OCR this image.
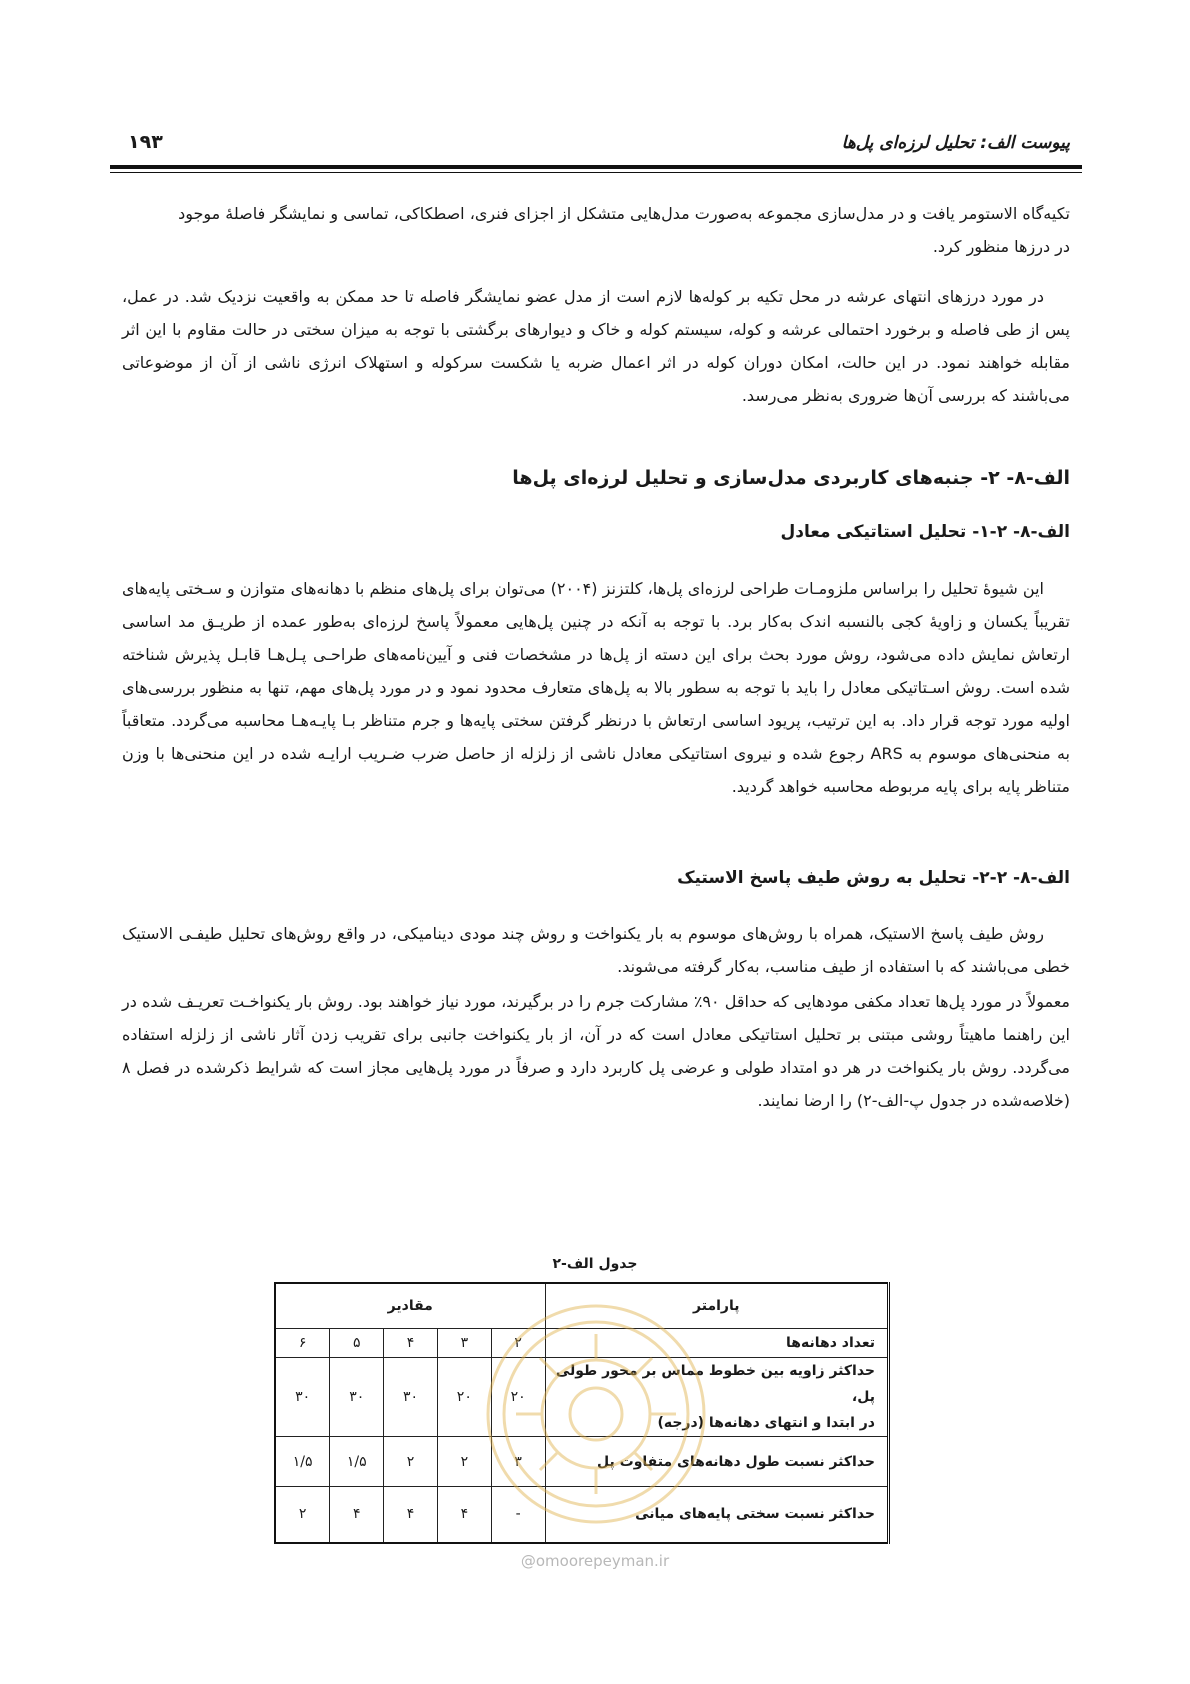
پیوست الف: تحلیل لرزه‌ای پل‌ها
۱۹۳

تکیه‌گاه الاستومر یافت و در مدل‌سازی مجموعه به‌صورت مدل‌هایی متشکل از اجزای فنری، اصطکاکی، تماسی و نمایشگر فاصلهٔ موجود
در درزها منظور کرد.

در مورد درزهای انتهای عرشه در محل تکیه بر کوله‌ها لازم است از مدل عضو نمایشگر فاصله تا حد ممکن به واقعیت نزدیک شد. در عمل، پس از طی فاصله و برخورد احتمالی عرشه و کوله، سیستم کوله و خاک و دیوارهای برگشتی با توجه به میزان سختی در حالت مقاوم با این اثر مقابله خواهند نمود. در این حالت، امکان دوران کوله در اثر اعمال ضربه یا شکست سرکوله و استهلاک انرژی ناشی از آن از موضوعاتی می‌باشند که بررسی آن‌ها ضروری به‌نظر می‌رسد.

الف-۸- ۲- جنبه‌های کاربردی مدل‌سازی و تحلیل لرزه‌ای پل‌ها
الف-۸- ۲-۱- تحلیل استاتیکی معادل

این شیوهٔ تحلیل را براساس ملزومـات طراحی لرزه‌ای پل‌ها، کلتزنز (۲۰۰۴) می‌توان برای پل‌های منظم با دهانه‌های متوازن و سـختی پایه‌های تقریباً یکسان و زاویهٔ کجی بالنسبه اندک به‌کار برد. با توجه به آنکه در چنین پل‌هایی معمولاً پاسخ لرزه‌ای به‌طور عمده از طریـق مد اساسی ارتعاش نمایش داده می‌شود، روش مورد بحث برای این دسته از پل‌ها در مشخصات فنی و آیین‌نامه‌های طراحـی پـل‌هـا قابـل پذیرش شناخته شده است. روش اسـتاتیکی معادل را باید با توجه به سطور بالا به پل‌های متعارف محدود نمود و در مورد پل‌های مهم، تنها به منظور بررسی‌های اولیه مورد توجه قرار داد. به این ترتیب، پریود اساسی ارتعاش با درنظر گرفتن سختی پایه‌ها و جرم متناظر بـا پایـه‌هـا محاسبه می‌گردد. متعاقباً به منحنی‌های موسوم به ARS رجوع شده و نیروی استاتیکی معادل ناشی از زلزله از حاصل ضرب ضـریب ارایـه شده در این منحنی‌ها با وزن متناظر پایه برای پایه مربوطه محاسبه خواهد گردید.

الف-۸- ۲-۲- تحلیل به روش طیف پاسخ الاستیک

روش طیف پاسخ الاستیک، همراه با روش‌های موسوم به بار یکنواخت و روش چند مودی دینامیکی، در واقع روش‌های تحلیل طیفـی الاستیک خطی می‌باشند که با استفاده از طیف مناسب، به‌کار گرفته می‌شوند.

معمولاً در مورد پل‌ها تعداد مکفی مودهایی که حداقل ۹۰٪ مشارکت جرم را در برگیرند، مورد نیاز خواهند بود. روش بار یکنواخـت تعریـف شده در این راهنما ماهیتاً روشی مبتنی بر تحلیل استاتیکی معادل است که در آن، از بار یکنواخت جانبی برای تقریب زدن آثار ناشی از زلزله استفاده می‌گردد. روش بار یکنواخت در هر دو امتداد طولی و عرضی پل کاربرد دارد و صرفاً در مورد پل‌هایی مجاز است که شرایط ذکرشده در فصل ۸ (خلاصه‌شده در جدول پ-الف-۲) را ارضا نمایند.

جدول الف-۲
پارامتر	مقادیر				
تعداد دهانه‌ها	۲	۳	۴	۵	۶
حداکثر زاویه بین خطوط مماس بر محور طولی پل،
در ابتدا و انتهای دهانه‌ها (درجه)	۲۰	۲۰	۳۰	۳۰	۳۰
حداکثر نسبت طول دهانه‌های متفاوت پل	۳	۲	۲	۱/۵	۱/۵
حداکثر نسبت سختی پایه‌های میانی	-	۴	۴	۴	۲
@omoorepeyman.ir
